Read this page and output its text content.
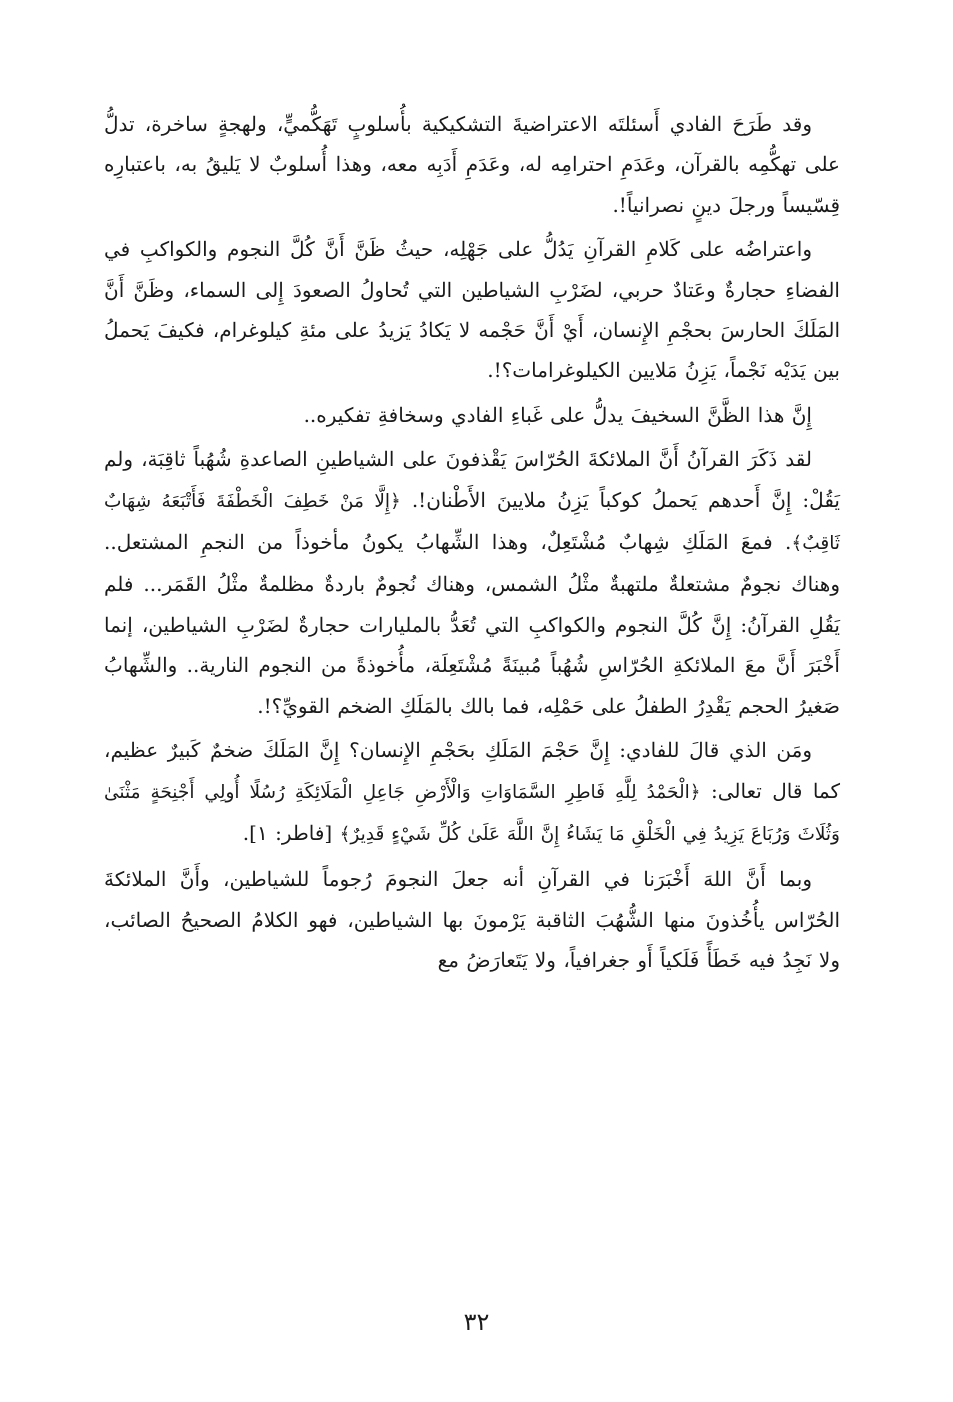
وقد طَرَحَ الفادي أَسئلتَه الاعتراضيةَ التشكيكية بأُسلوبٍ تَهَكُّميٍّ، ولهجةٍ ساخرة، تدلُّ على تهكُّمِه بالقرآن، وعَدَمِ احترامِه له، وعَدَمِ أَدَبِه معه، وهذا أُسلوبٌ لا يَليقُ به، باعتبارِه قِسّيساً ورجلَ دينٍ نصرانياً!.

واعتراضُه على كَلامِ القرآنِ يَدُلُّ على جَهْلِه، حيثُ ظَنَّ أَنَّ كُلَّ النجوم والكواكبِ في الفضاءِ حجارةٌ وعَتادٌ حربي، لضَرْبِ الشياطين التي تُحاولُ الصعودَ إِلى السماء، وظَنَّ أَنَّ المَلَكَ الحارسَ بحجْمِ الإِنسان، أَيْ أَنَّ حَجْمه لا يَكادُ يَزيدُ على مئةِ كيلوغرام، فكيفَ يَحملُ بين يَدَيْه نَجْماً، يَزِنُ مَلايين الكيلوغرامات؟!.

إِنَّ هذا الظَّنَّ السخيفَ يدلُّ على غَباءِ الفادي وسخافةِ تفكيره..

لقد ذَكَرَ القرآنُ أَنَّ الملائكةَ الحُرّاسَ يَقْذفونَ على الشياطينِ الصاعدةِ شُهُباً ثاقِبَة، ولم يَقُلْ: إِنَّ أَحدهم يَحملُ كوكباً يَزِنُ ملايينَ الأَطْنان!. ﴿إِلَّا مَنْ خَطِفَ الْخَطْفَةَ فَأَتْبَعَهُ شِهَابٌ ثَاقِبٌ﴾. فمعَ المَلَكِ شِهابٌ مُشْتَعِلٌ، وهذا الشِّهابُ يكونُ مأخوذاً من النجمِ المشتعل.. وهناك نجومٌ مشتعلةٌ ملتهبةٌ مثْلُ الشمس، وهناك نُجومٌ باردةٌ مظلمةٌ مثْلُ القَمَر... فلم يَقُلِ القرآنُ: إِنَّ كُلَّ النجوم والكواكبِ التي تُعَدُّ بالمليارات حجارةٌ لضَرْبِ الشياطين، إنما أَخْبَرَ أَنَّ معَ الملائكةِ الحُرّاسِ شُهُباً مُبينَةً مُشْتَعِلَة، مأُخوذةً من النجوم النارية.. والشِّهابُ صَغيرُ الحجم يَقْدِرُ الطفلُ على حَمْلِه، فما بالك بالمَلَكِ الضخم القويِّ؟!.

ومَن الذي قالَ للفادي: إِنَّ حَجْمَ المَلَكِ بحَجْمِ الإِنسان؟ إِنَّ المَلَكَ ضخمٌ كَبيرٌ عظيم، كما قال تعالى: ﴿الْحَمْدُ لِلَّهِ فَاطِرِ السَّمَاوَاتِ وَالْأَرْضِ جَاعِلِ الْمَلَائِكَةِ رُسُلًا أُولِي أَجْنِحَةٍ مَثْنَىٰ وَثُلَاثَ وَرُبَاعَ يَزِيدُ فِي الْخَلْقِ مَا يَشَاءُ إِنَّ اللَّهَ عَلَىٰ كُلِّ شَيْءٍ قَدِيرٌ﴾ [فاطر: ١].

وبما أَنَّ اللهَ أَخْبَرَنا في القرآنِ أنه جعلَ النجومَ رُجوماً للشياطين، وأَنَّ الملائكةَ الحُرّاس يأُخُذونَ منها الشُّهُبَ الثاقبة يَرْمونَ بها الشياطين، فهو الكلامُ الصحيحُ الصائب، ولا نَجِدُ فيه خَطَأً فَلَكياً أَو جغرافياً، ولا يَتَعارَضُ مع

٣٢
